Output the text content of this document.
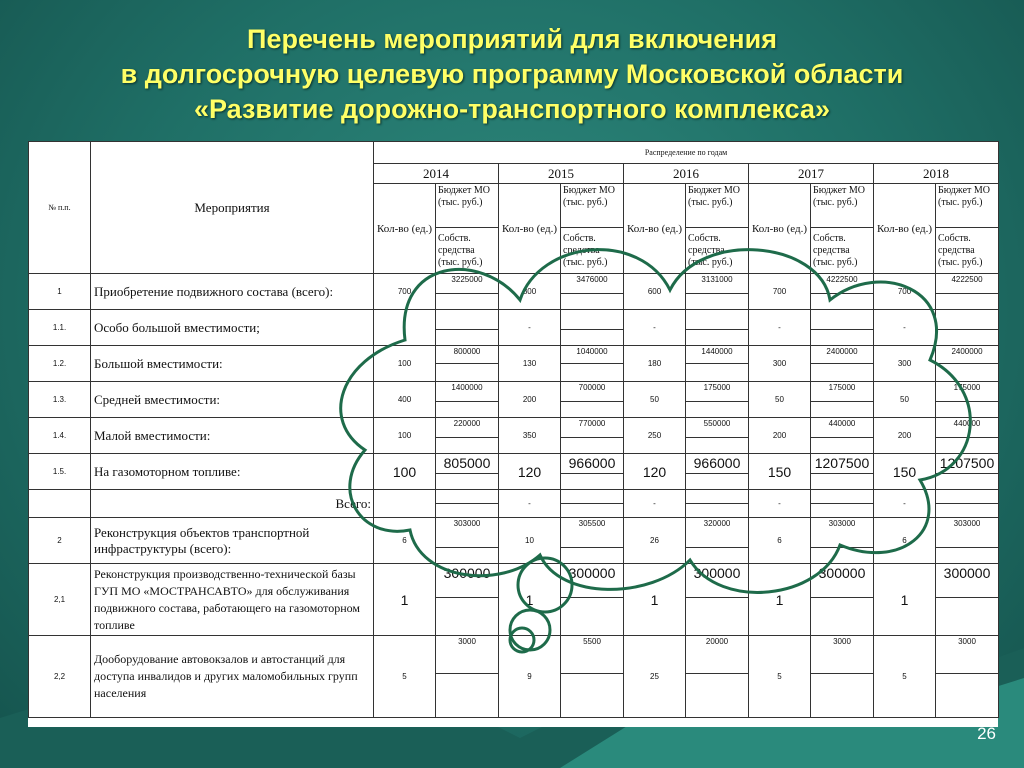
Перечень мероприятий для включения
в долгосрочную целевую программу Московской области
«Развитие дорожно-транспортного комплекса»
№ п.п.	Мероприятия	Распределение по годам									
		2014		2015		2016		2017		2018	
		Кол-во (ед.)	Бюджет МО (тыс. руб.)	Кол-во (ед.)	Бюджет МО (тыс. руб.)	Кол-во (ед.)	Бюджет МО (тыс. руб.)	Кол-во (ед.)	Бюджет МО (тыс. руб.)	Кол-во (ед.)	Бюджет МО (тыс. руб.)
			Собств. средства (тыс. руб.)		Собств. средства (тыс. руб.)		Собств. средства (тыс. руб.)		Собств. средства (тыс. руб.)		Собств. средства (тыс. руб.)
1	Приобретение подвижного состава (всего):	700	3225000	800	3476000	600	3131000	700	4222500	700	4222500

1.1.	Особо большой вместимости;			-		-		-		-	

1.2.	Большой вместимости:	100	800000	130	1040000	180	1440000	300	2400000	300	2400000

1.3.	Средней вместимости:	400	1400000	200	700000	50	175000	50	175000	50	175000

1.4.	Малой вместимости:	100	220000	350	770000	250	550000	200	440000	200	440000

1.5.	На газомоторном топливе:	100	805000	120	966000	120	966000	150	1207500	150	1207500

	Всего:			-		-		-		-	

2	Реконструкция объектов транспортной инфраструктуры (всего):	6	303000	10	305500	26	320000	6	303000	6	303000

2,1	Реконструкция производственно-технической базы ГУП МО «МОСТРАНСАВТО» для обслуживания подвижного состава, работающего на газомоторном топливе	1	300000	1	300000	1	300000	1	300000	1	300000

2,2	Дооборудование автовокзалов и автостанций для доступа инвалидов и других маломобильных групп населения	5	3000	9	5500	25	20000	5	3000	5	3000

26
